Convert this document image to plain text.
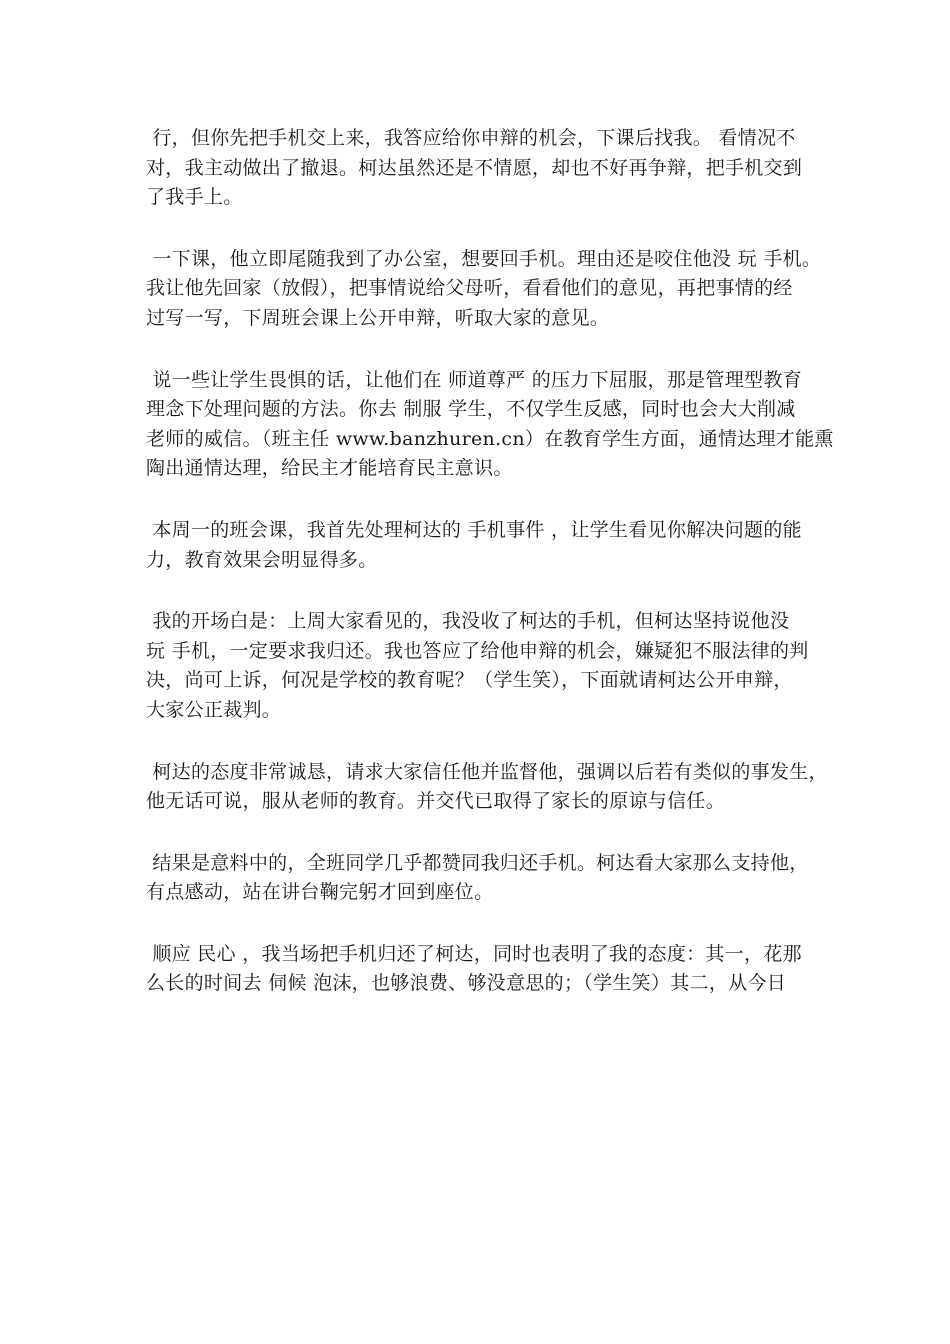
行，但你先把手机交上来，我答应给你申辩的机会，下课后找我。 看情况不
对，我主动做出了撤退。柯达虽然还是不情愿，却也不好再争辩，把手机交到
了我手上。
一下课，他立即尾随我到了办公室，想要回手机。理由还是咬住他没 玩 手机。
我让他先回家（放假），把事情说给父母听，看看他们的意见，再把事情的经
过写一写，下周班会课上公开申辩，听取大家的意见。
说一些让学生畏惧的话，让他们在 师道尊严 的压力下屈服，那是管理型教育
理念下处理问题的方法。你去 制服 学生，不仅学生反感，同时也会大大削减
老师的威信。（班主任 www.banzhuren.cn）在教育学生方面，通情达理才能熏
陶出通情达理，给民主才能培育民主意识。
本周一的班会课，我首先处理柯达的 手机事件 ，让学生看见你解决问题的能
力，教育效果会明显得多。
我的开场白是：上周大家看见的，我没收了柯达的手机，但柯达坚持说他没
玩 手机，一定要求我归还。我也答应了给他申辩的机会，嫌疑犯不服法律的判
决，尚可上诉，何况是学校的教育呢？（学生笑），下面就请柯达公开申辩，
大家公正裁判。
柯达的态度非常诚恳，请求大家信任他并监督他，强调以后若有类似的事发生，
他无话可说，服从老师的教育。并交代已取得了家长的原谅与信任。
结果是意料中的，全班同学几乎都赞同我归还手机。柯达看大家那么支持他，
有点感动，站在讲台鞠完躬才回到座位。
顺应 民心 ，我当场把手机归还了柯达，同时也表明了我的态度：其一，花那
么长的时间去 伺候 泡沫，也够浪费、够没意思的；（学生笑）其二，从今日
